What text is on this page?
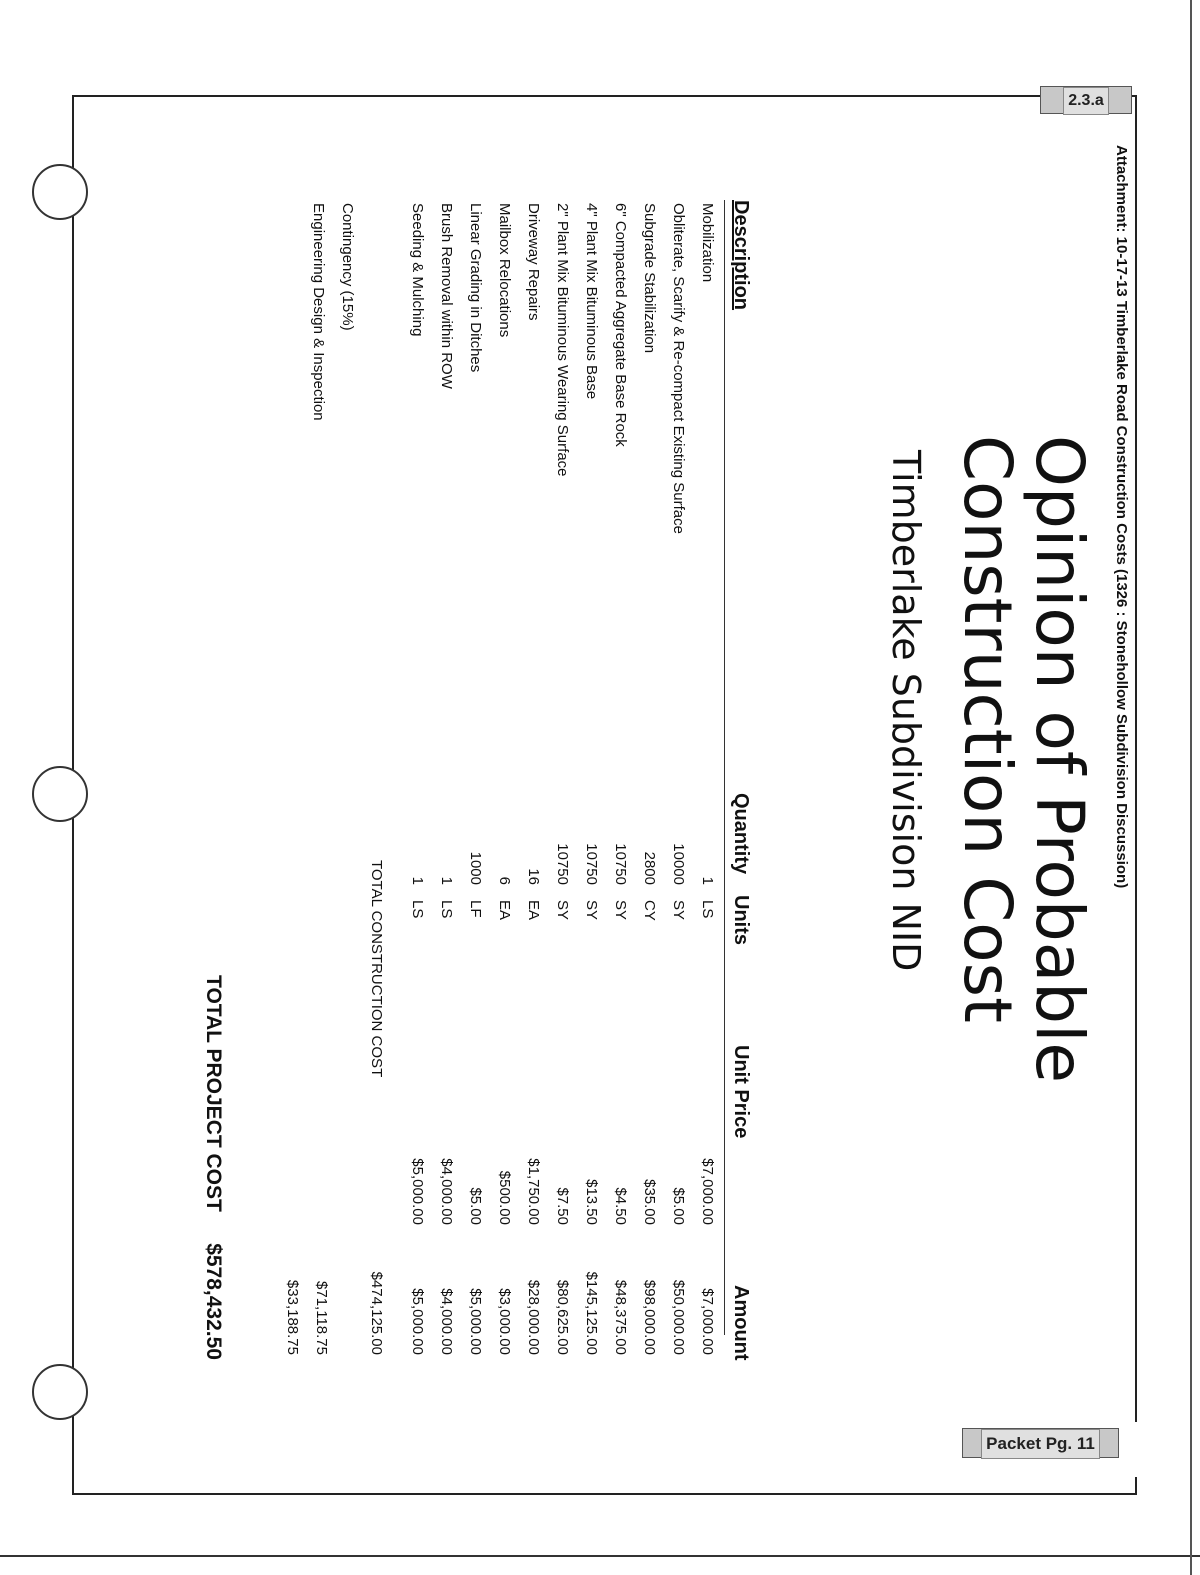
2.3.a
Packet Pg. 11
Attachment: 10-17-13 Timberlake Road Construction Costs (1326 : Stonehollow Subdivision Discussion)
Opinion of Probable
Construction Cost
Timberlake Subdivision NID
Description
Quantity
Units
Unit Price
Amount
Mobilization
1
LS
$7,000.00
$7,000.00
Obliterate, Scarify & Re-compact Existing Surface
10000
SY
$5.00
$50,000.00
Subgrade Stabilization
2800
CY
$35.00
$98,000.00
6" Compacted Aggregate Base Rock
10750
SY
$4.50
$48,375.00
4" Plant Mix Bituminous Base
10750
SY
$13.50
$145,125.00
2" Plant Mix Bituminous Wearing Surface
10750
SY
$7.50
$80,625.00
Driveway Repairs
16
EA
$1,750.00
$28,000.00
Mailbox Relocations
6
EA
$500.00
$3,000.00
Linear Grading in Ditches
1000
LF
$5.00
$5,000.00
Brush Removal within ROW
1
LS
$4,000.00
$4,000.00
Seeding & Mulching
1
LS
$5,000.00
$5,000.00
TOTAL CONSTRUCTION COST
$474,125.00
Contingency (15%)
$71,118.75
Engineering Design & Inspection
$33,188.75
TOTAL PROJECT COST
$578,432.50
